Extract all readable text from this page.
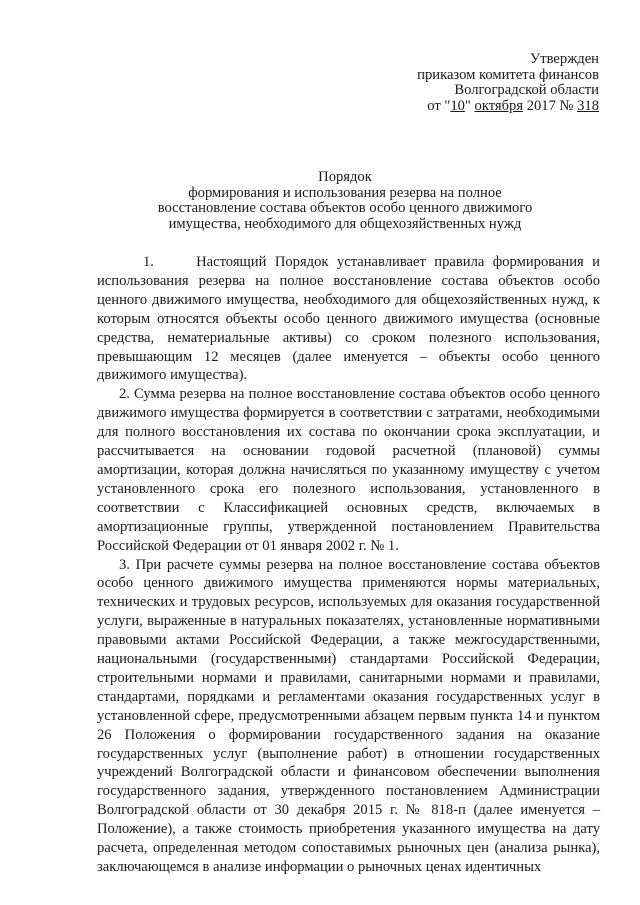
Утвержден
приказом комитета финансов
Волгоградской области
от "10" октября 2017 № 318
Порядок
формирования и использования резерва на полное
восстановление состава объектов особо ценного движимого
имущества, необходимого для общехозяйственных нужд

1.     Настоящий Порядок устанавливает правила формирования и использования резерва на полное восстановление состава объектов особо ценного движимого имущества, необходимого для общехозяйственных нужд, к которым относятся объекты особо ценного движимого имущества (основные средства, нематериальные активы) со сроком полезного использования, превышающим 12 месяцев (далее именуется – объекты особо ценного движимого имущества).

2. Сумма резерва на полное восстановление состава объектов особо ценного движимого имущества формируется в соответствии с затратами, необходимыми для полного восстановления их состава по окончании срока эксплуатации, и рассчитывается на основании годовой расчетной (плановой) суммы амортизации, которая должна начисляться по указанному имуществу с учетом установленного срока его полезного использования, установленного в соответствии с Классификацией основных средств, включаемых в амортизационные группы, утвержденной постановлением Правительства Российской Федерации от 01 января 2002 г. № 1.

3. При расчете суммы резерва на полное восстановление состава объектов особо ценного движимого имущества применяются нормы материальных, технических и трудовых ресурсов, используемых для оказания государственной услуги, выраженные в натуральных показателях, установленные нормативными правовыми актами Российской Федерации, а также межгосударственными, национальными (государственными) стандартами Российской Федерации, строительными нормами и правилами, санитарными нормами и правилами, стандартами, порядками и регламентами оказания государственных услуг в установленной сфере, предусмотренными абзацем первым пункта 14 и пунктом 26 Положения о формировании государственного задания на оказание государственных услуг (выполнение работ) в отношении государственных учреждений Волгоградской области и финансовом обеспечении выполнения государственного задания, утвержденного постановлением Администрации Волгоградской области от 30 декабря 2015 г. № 818-п (далее именуется – Положение), а также стоимость приобретения указанного имущества на дату расчета, определенная методом сопоставимых рыночных цен (анализа рынка), заключающемся в анализе информации о рыночных ценах идентичных
